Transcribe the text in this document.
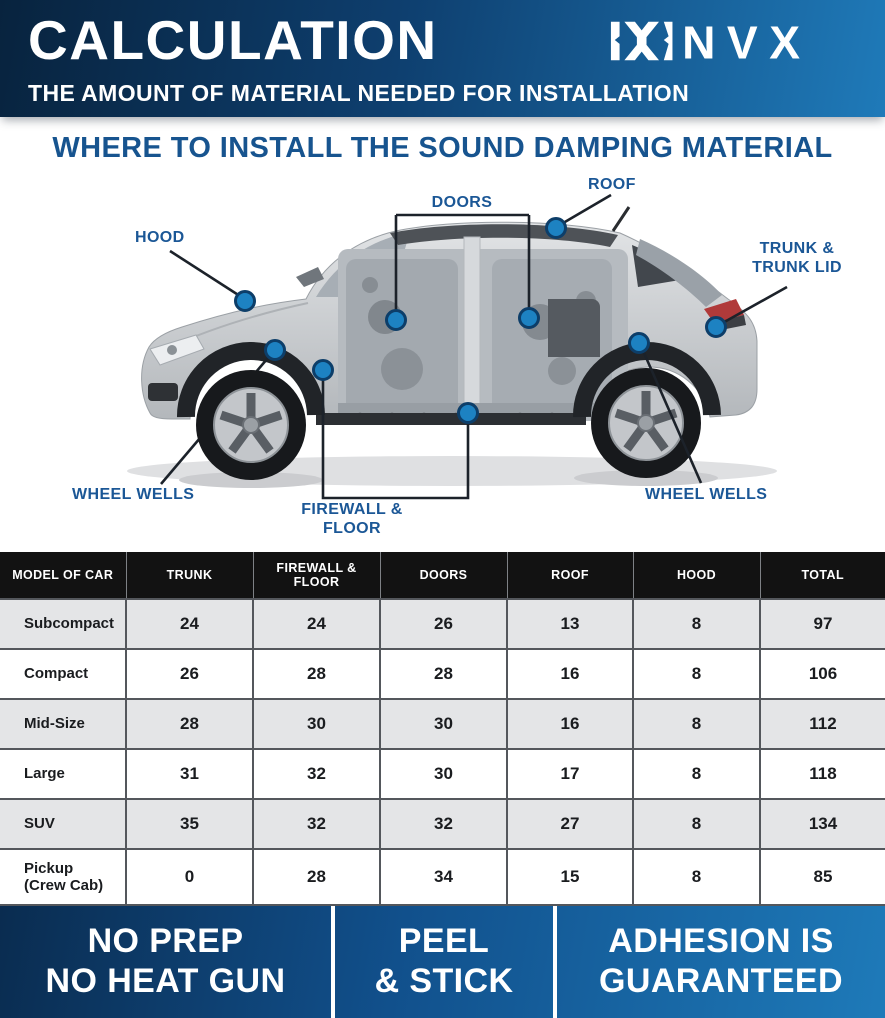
CALCULATION	NVX
THE AMOUNT OF MATERIAL NEEDED FOR INSTALLATION
WHERE TO INSTALL THE SOUND DAMPING MATERIAL
HOOD
ROOF
DOORS
TRUNK &
TRUNK LID
WHEEL WELLS
FIREWALL &
FLOOR
WHEEL WELLS
MODEL OF CAR	TRUNK	FIREWALL & FLOOR	DOORS	ROOF	HOOD	TOTAL
Subcompact	24	24	26	13	8	97
Compact	26	28	28	16	8	106
Mid-Size	28	30	30	16	8	112
Large	31	32	30	17	8	118
SUV	35	32	32	27	8	134

Pickup
(Crew Cab)	0	28	34	15	8	85
NO PREP
NO HEAT GUN
PEEL
& STICK
ADHESION IS
GUARANTEED
